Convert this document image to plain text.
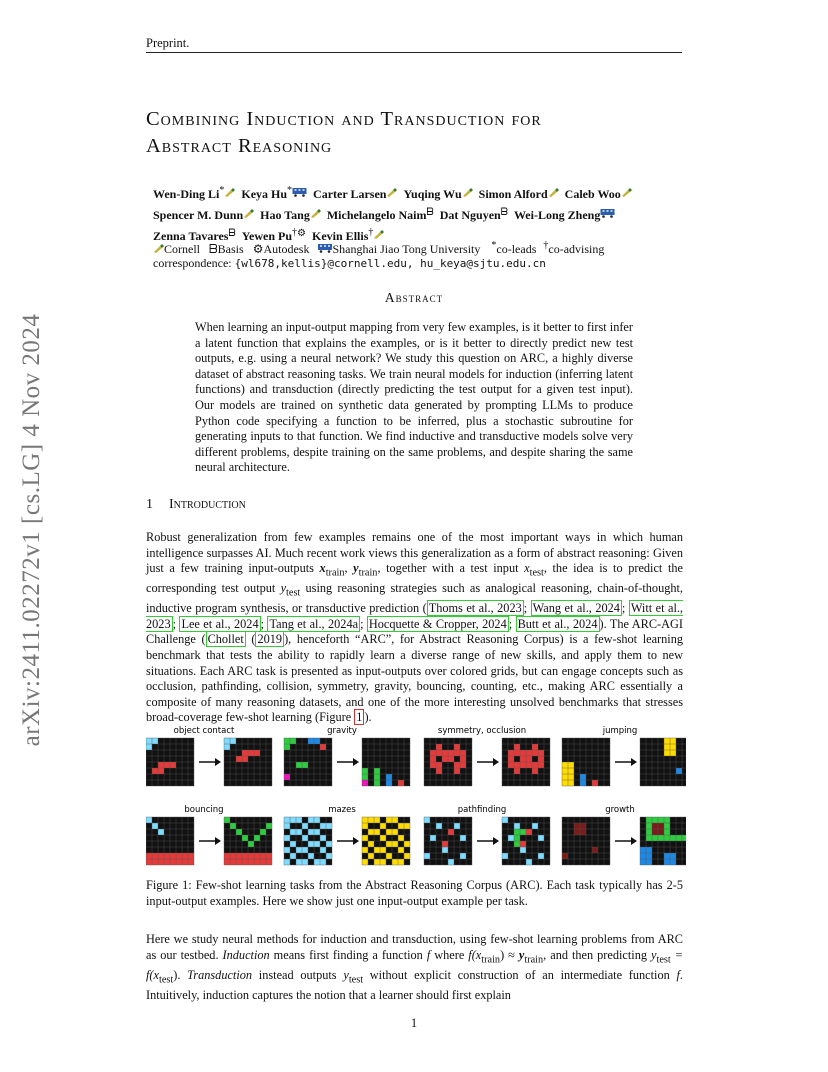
Preprint.
arXiv:2411.02272v1 [cs.LG] 4 Nov 2024
Combining Induction and Transduction for
Abstract Reasoning
Wen-Ding Li* Keya Hu* Carter Larsen Yuqing Wu Simon Alford Caleb Woo
Spencer M. Dunn Hao Tang Michelangelo Naim$^ᗷ$ Dat Nguyen$^ᗷ$ Wei-Long Zheng
Zenna Tavares$^ᗷ$ Yewen Pu†⚙ Kevin Ellis†
Cornell ᗷBasis ⚙Autodesk Shanghai Jiao Tong University *co-leads †co-advising
correspondence: {wl678,kellis}@cornell.edu, hu_keya@sjtu.edu.cn
Abstract
When learning an input-output mapping from very few examples, is it better to first infer a latent function that explains the examples, or is it better to directly predict new test outputs, e.g. using a neural network? We study this question on ARC, a highly diverse dataset of abstract reasoning tasks. We train neural models for induction (inferring latent functions) and transduction (directly predicting the test output for a given test input). Our models are trained on synthetic data generated by prompting LLMs to produce Python code specifying a function to be inferred, plus a stochastic subroutine for generating inputs to that function. We find inductive and transductive models solve very different problems, despite training on the same problems, and despite sharing the same neural architecture.
1 Introduction
Robust generalization from few examples remains one of the most important ways in which human intelligence surpasses AI. Much recent work views this generalization as a form of abstract reasoning: Given just a few training input-outputs $x_{train}$, $y_{train}$, together with a test input $x_{test}$, the idea is to predict the corresponding test output $y_{test}$ using reasoning strategies such as analogical reasoning, chain-of-thought, inductive program synthesis, or transductive prediction ( Thoms et al., 2023 ; Wang et al., 2024 ; Witt et al., 2023 ; Lee et al., 2024 ; Tang et al., 2024a ; Hocquette & Cropper, 2024 ; Butt et al., 2024 ). The ARC-AGI Challenge ( Chollet ( 2019 ), henceforth “ARC”, for Abstract Reasoning Corpus) is a few-shot learning benchmark that tests the ability to rapidly learn a diverse range of new skills, and apply them to new situations. Each ARC task is presented as input-outputs over colored grids, but can engage concepts such as occlusion, pathfinding, collision, symmetry, gravity, bouncing, counting, etc., making ARC essentially a composite of many reasoning datasets, and one of the more interesting unsolved benchmarks that stresses broad-coverage few-shot learning (Figure 1 ).
object contact	gravity	symmetry, occlusion	jumping
bouncing	mazes	pathfinding	growth
Figure 1: Few-shot learning tasks from the Abstract Reasoning Corpus (ARC). Each task typically has 2-5 input-output examples. Here we show just one input-output example per task.
Here we study neural methods for induction and transduction, using few-shot learning problems from ARC as our testbed. Induction means first finding a function f where $f(x_{train}) \approx y_{train}$, and then predicting $y_{test} = f(x_{test})$. Transduction instead outputs $y_{test}$ without explicit construction of an intermediate function f. Intuitively, induction captures the notion that a learner should first explain
1
